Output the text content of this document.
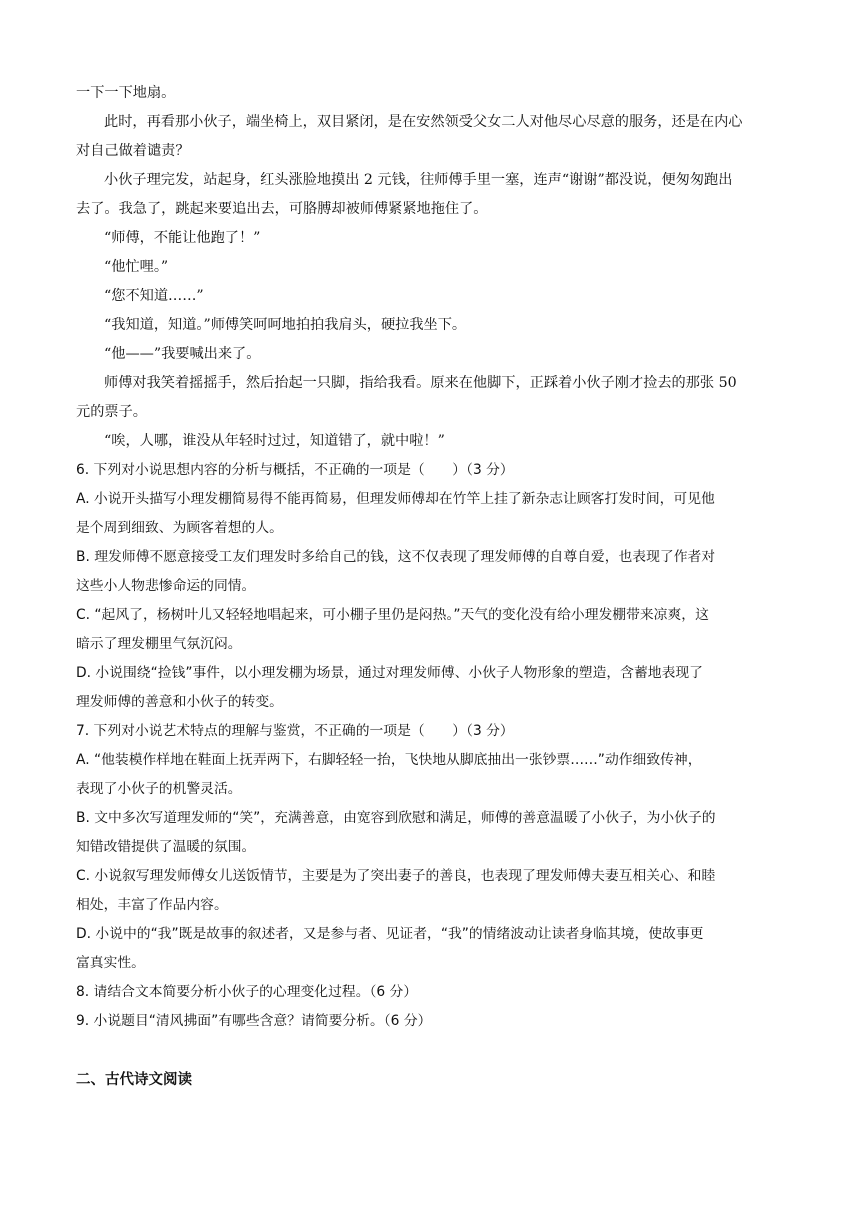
一下一下地扇。
此时，再看那小伙子，端坐椅上，双目紧闭，是在安然领受父女二人对他尽心尽意的服务，还是在内心
对自己做着谴责？
小伙子理完发，站起身，红头涨脸地摸出 2 元钱，往师傅手里一塞，连声“谢谢”都没说，便匆匆跑出
去了。我急了，跳起来要追出去，可胳膊却被师傅紧紧地拖住了。
“师傅，不能让他跑了！”
“他忙哩。”
“您不知道……”
“我知道，知道。”师傅笑呵呵地拍拍我肩头，硬拉我坐下。
“他——”我要喊出来了。
师傅对我笑着摇摇手，然后抬起一只脚，指给我看。原来在他脚下，正踩着小伙子刚才捡去的那张 50
元的票子。
“唉，人哪，谁没从年轻时过过，知道错了，就中啦！”
6. 下列对小说思想内容的分析与概括，不正确的一项是（　　）（3 分）
A. 小说开头描写小理发棚简易得不能再简易，但理发师傅却在竹竿上挂了新杂志让顾客打发时间，可见他
是个周到细致、为顾客着想的人。
B. 理发师傅不愿意接受工友们理发时多给自己的钱，这不仅表现了理发师傅的自尊自爱，也表现了作者对
这些小人物悲惨命运的同情。
C. “起风了，杨树叶儿又轻轻地唱起来，可小棚子里仍是闷热。”天气的变化没有给小理发棚带来凉爽，这
暗示了理发棚里气氛沉闷。
D. 小说围绕“捡钱”事件，以小理发棚为场景，通过对理发师傅、小伙子人物形象的塑造，含蓄地表现了
理发师傅的善意和小伙子的转变。
7. 下列对小说艺术特点的理解与鉴赏，不正确的一项是（　　）（3 分）
A. “他装模作样地在鞋面上抚弄两下，右脚轻轻一抬，飞快地从脚底抽出一张钞票……”动作细致传神，
表现了小伙子的机警灵活。
B. 文中多次写道理发师的“笑”，充满善意，由宽容到欣慰和满足，师傅的善意温暖了小伙子，为小伙子的
知错改错提供了温暖的氛围。
C. 小说叙写理发师傅女儿送饭情节，主要是为了突出妻子的善良，也表现了理发师傅夫妻互相关心、和睦
相处，丰富了作品内容。
D. 小说中的“我”既是故事的叙述者，又是参与者、见证者，“我”的情绪波动让读者身临其境，使故事更
富真实性。
8. 请结合文本简要分析小伙子的心理变化过程。（6 分）
9. 小说题目“清风拂面”有哪些含意？请简要分析。（6 分）
二、古代诗文阅读
